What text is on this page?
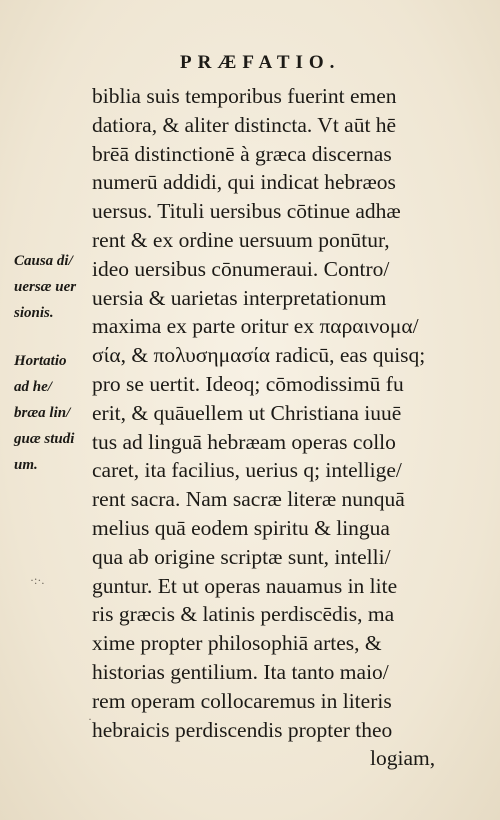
PRÆFATIO.
biblia suis temporibus fuerint emen
datiora, & aliter distincta. Vt aūt hē
brēā distinctionē à græca discernas
numerū addidi, qui indicat hebræos
uersus. Tituli uersibus cōtinue adhæ
rent & ex ordine uersuum ponūtur,
ideo uersibus cōnumeraui. Contro/
uersia & uarietas interpretationum
maxima ex parte oritur ex παραινομα/
σία, & πολυσημασία radicū, eas quisq;
pro se uertit. Ideoq; cōmodissimū fu
erit, & quāuellem ut Christiana iuuē
tus ad linguā hebræam operas collo
caret, ita facilius, uerius q; intellige/
rent sacra. Nam sacræ literæ nunquā
melius quā eodem spiritu & lingua
qua ab origine scriptæ sunt, intelli/
guntur. Et ut operas nauamus in lite
ris græcis & latinis perdiscēdis, ma
xime propter philosophiā artes, &
historias gentilium. Ita tanto maio/
rem operam collocaremus in literis
hebraicis perdiscendis propter theo
logiam,
Causa di/
uersæ uer
sionis.
Hortatio
ad he/
bræa lin/
guæ studi
um.
·:·.
·
